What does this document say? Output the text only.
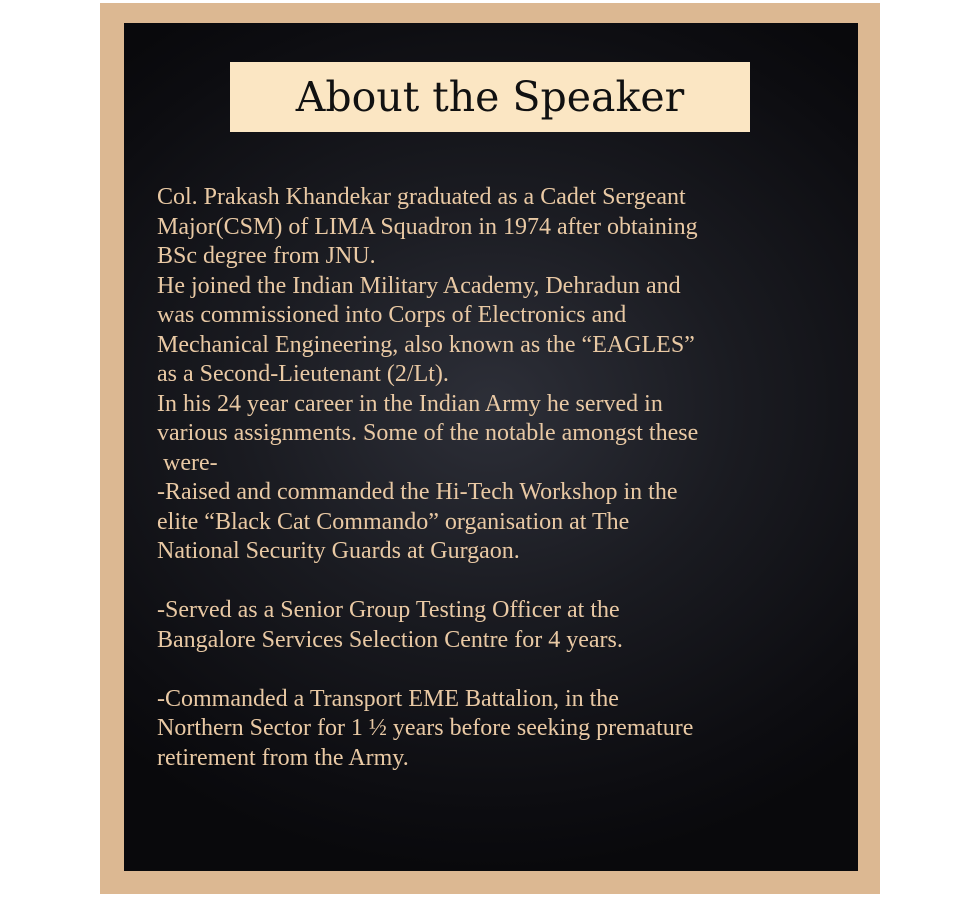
About the Speaker
Col. Prakash Khandekar graduated as a Cadet Sergeant
Major(CSM) of LIMA Squadron in 1974 after obtaining
BSc degree from JNU.
He joined the Indian Military Academy, Dehradun and
was commissioned into Corps of Electronics and
Mechanical Engineering, also known as the “EAGLES”
as a Second-Lieutenant (2/Lt).
In his 24 year career in the Indian Army he served in
various assignments. Some of the notable amongst these
were-
-Raised and commanded the Hi-Tech Workshop in the
elite “Black Cat Commando” organisation at The
National Security Guards at Gurgaon.
-Served as a Senior Group Testing Officer at the
Bangalore Services Selection Centre for 4 years.
-Commanded a Transport EME Battalion, in the
Northern Sector for 1 ½ years before seeking premature
retirement from the Army.
